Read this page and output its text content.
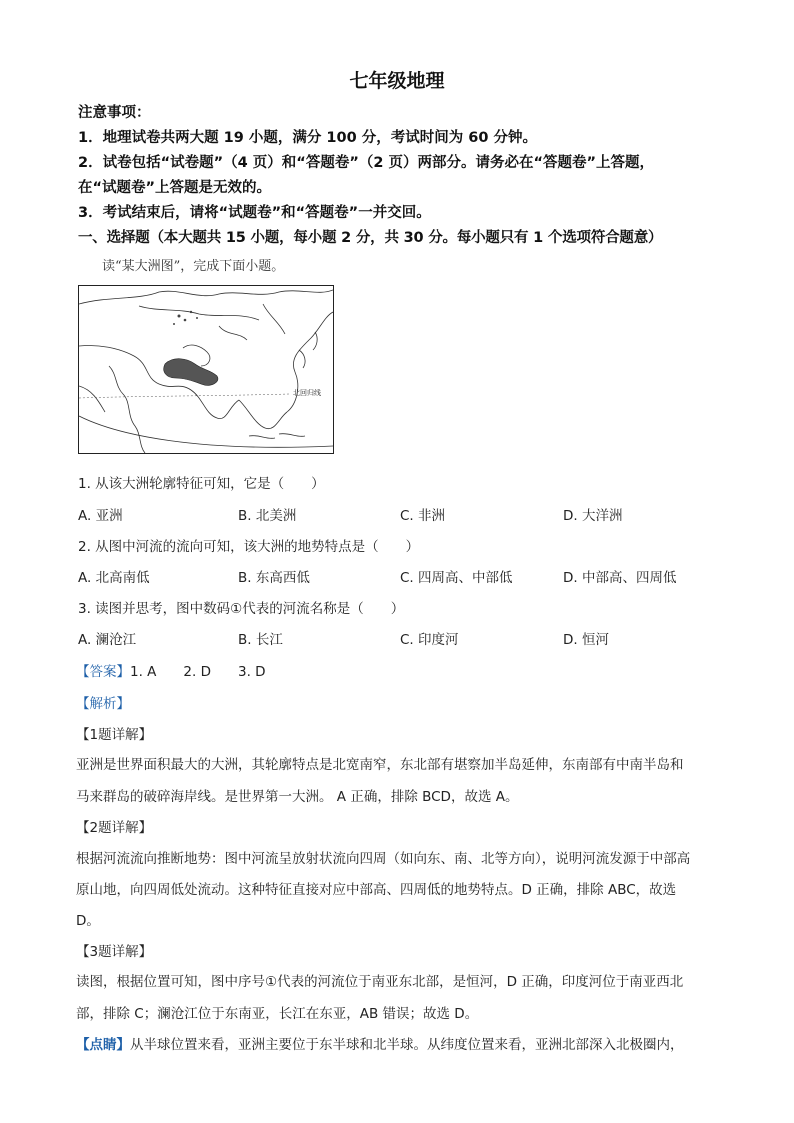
七年级地理
注意事项：
1．地理试卷共两大题 19 小题，满分 100 分，考试时间为 60 分钟。
2．试卷包括“试卷题”（4 页）和“答题卷”（2 页）两部分。请务必在“答题卷”上答题，
在“试题卷”上答题是无效的。
3．考试结束后，请将“试题卷”和“答题卷”一并交回。
一、选择题（本大题共 15 小题，每小题 2 分，共 30 分。每小题只有 1 个选项符合题意）
读“某大洲图”，完成下面小题。
北回归线
1. 从该大洲轮廓特征可知，它是（　　）
A. 亚洲	B. 北美洲	C. 非洲	D. 大洋洲
2. 从图中河流的流向可知，该大洲的地势特点是（　　）
A. 北高南低	B. 东高西低	C. 四周高、中部低	D. 中部高、四周低
3. 读图并思考，图中数码①代表的河流名称是（　　）
A. 澜沧江	B. 长江	C. 印度河	D. 恒河
【答案】1. A　　2. D　　3. D
【解析】
【1题详解】
亚洲是世界面积最大的大洲，其轮廓特点是北宽南窄，东北部有堪察加半岛延伸，东南部有中南半岛和
马来群岛的破碎海岸线。是世界第一大洲。 A 正确，排除 BCD，故选 A。
【2题详解】
根据河流流向推断地势：图中河流呈放射状流向四周（如向东、南、北等方向），说明河流发源于中部高
原山地，向四周低处流动。这种特征直接对应中部高、四周低的地势特点。D 正确，排除 ABC，故选
D。
【3题详解】
读图，根据位置可知，图中序号①代表的河流位于南亚东北部，是恒河，D 正确，印度河位于南亚西北
部，排除 C；澜沧江位于东南亚，长江在东亚，AB 错误；故选 D。
【点睛】从半球位置来看，亚洲主要位于东半球和北半球。从纬度位置来看，亚洲北部深入北极圈内，
